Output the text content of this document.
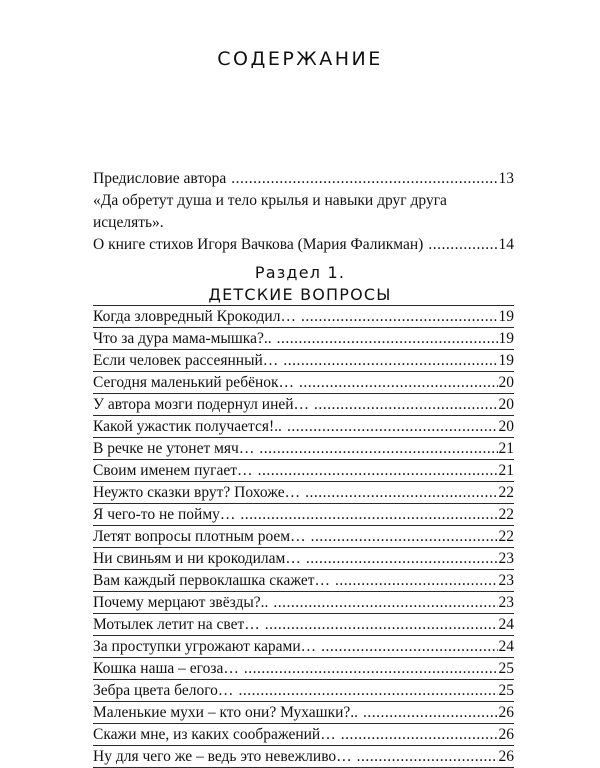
СОДЕРЖАНИЕ
Предисловие автора .....	13
«Да обретут душа и тело крылья и навыки друг друга
исцелять».
О книге стихов Игоря Вачкова (Мария Фаликман) .....	14
Раздел 1.
ДЕТСКИЕ ВОПРОСЫ
Когда зловредный Крокодил… .....	19
Что за дура мама-мышка?.. .....	19
Если человек рассеянный… .....	19
Сегодня маленький ребёнок… .....	20
У автора мозги подернул иней… .....	20
Какой ужастик получается!.. .....	20
В речке не утонет мяч… .....	21
Своим именем пугает… .....	21
Неужто сказки врут? Похоже… .....	22
Я чего-то не пойму… .....	22
Летят вопросы плотным роем… .....	22
Ни свиньям и ни крокодилам… .....	23
Вам каждый первоклашка скажет… .....	23
Почему мерцают звёзды?.. .....	23
Мотылек летит на свет… .....	24
За проступки угрожают карами… .....	24
Кошка наша – егоза… .....	25
Зебра цвета белого… .....	25
Маленькие мухи – кто они? Мухашки?.. .....	26
Скажи мне, из каких соображений… .....	26
Ну для чего же – ведь это невежливо… .....	26
